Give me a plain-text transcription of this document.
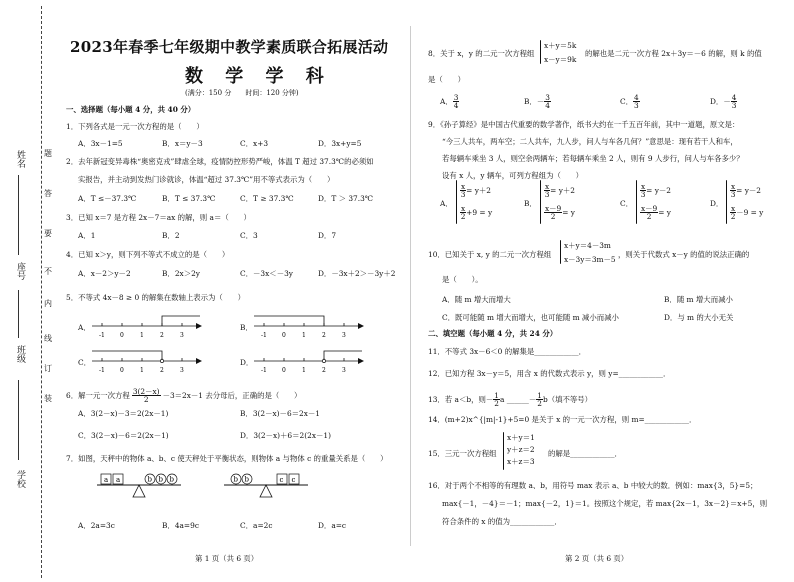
姓名
座号
班级
学校
题
答
要
不
内
线
订
装
2023年春季七年级期中教学素质联合拓展活动
数 学 学 科
(满分：150 分　　时间：120 分钟)
一、选择题（每小题 4 分，共 40 分）
1．下列各式是一元一次方程的是（　　）
A．3x－1=5	B．x＝y－3	C．x+3	D．3x+y=5
2．去年新冠变异毒株“奥密克戎”肆虐全球，疫情防控形势严峻，体温 T 超过 37.3℃的必须如
实报告，并主动到发热门诊就诊，体温“超过 37.3℃”用不等式表示为（　　）
A．T ≤－37.3℃	B．T ≤ 37.3℃	C．T ≥ 37.3℃	D．T ＞ 37.3℃
3．已知 x＝7 是方程 2x－7＝ax 的解，则 a＝（　　）
A．1	B．2	C．3	D．7
4．已知 x＞y，则下列不等式不成立的是（　　）
A．x－2＞y－2	B．2x＞2y	C．－3x＜－3y	D．－3x＋2＞－3y＋2
5．不等式 4x－8 ≥ 0 的解集在数轴上表示为（　　）
A．	B．
C．	D．
-1	0	1	2	3	-1	0	1	2	3
-1	0	1	2	3	-1	0	1	2	3
6．解一元一次方程 $\frac{3(2-x)}{2} -3=2x-1$ 去分母后，正确的是（　　）
A．3(2－x)－3＝2(2x－1)	B．3(2－x)－6＝2x－1
C．3(2－x)－6＝2(2x－1)	D．3(2－x)＋6＝2(2x－1)
7．如图，天秤中的物体 a、b、c 使天秤处于平衡状态，则物体 a 与物体 c 的重量关系是（　　）
a a	b b b	b b	c c
A．2a=3c	B．4a=9c	C．a=2c	D．a=c
第 1 页（共 6 页）
8．关于 x，y 的二元一次方程组
x＋y＝5k
x－y＝9k
的解也是二元一次方程 2x＋3y＝－6 的解，则 k 的值
是（　　）
A． $\frac{3}{4}$	B．－ $\frac{3}{4}$	C． $\frac{4}{3}$	D．－ $\frac{4}{3}$
9．《孙子算经》是中国古代重要的数学著作，纸书大约在一千五百年前，其中一道题，原文是：
“今三人共车，两车空；二人共车，九人步，问人与车各几何？”意思是：现有若干人和车，
若每辆车乘坐 3 人，则空余两辆车；若每辆车乘坐 2 人，则有 9 人步行，问人与车各多少？
设有 x 人，y 辆车，可列方程组为（　　）
A．
$\frac{x}{3} = y+2$
$\frac{x}{2} +9 = y$
B．
$\frac{x}{3} = y+2$
$\frac{x-9}{2} = y$
C．
$\frac{x}{3} = y-2$
$\frac{x-9}{2} = y$
D．
$\frac{x}{3} = y-2$
$\frac{x}{2} -9 = y$
10．已知关于 x, y 的二元一次方程组
x＋y＝4－3m
x－3y＝3m－5
，则关于代数式 x－y 的值的说法正确的
是（　　）。
A．随 m 增大而增大	B．随 m 增大而减小
C．既可能随 m 增大而增大，也可能随 m 减小而减小	D．与 m 的大小无关
二、填空题（每小题 4 分，共 24 分）
11．不等式 3x－6＜0 的解集是____________．
12．已知方程 3x－y＝5，用含 x 的代数式表示 y，则 y=____________．
13．若 a＜b，则－ $\frac{1}{2}$ a ______－ $\frac{1}{2} b$（填不等号）
14．(m+2)x^{|m|-1}+5=0 是关于 x 的一元一次方程，则 m=____________．
15．三元一次方程组
x＋y＝1
y＋z＝2
x＋z＝3
的解是____________．
16．对于两个不相等的有理数 a、b，用符号 max 表示 a、b 中较大的数．例如：max{3，5}=5；
max{－1，－4}＝－1；max{－2，1}＝1。按照这个规定，若 max{2x－1，3x－2}＝x+5，则
符合条件的 x 的值为____________．
第 2 页（共 6 页）
